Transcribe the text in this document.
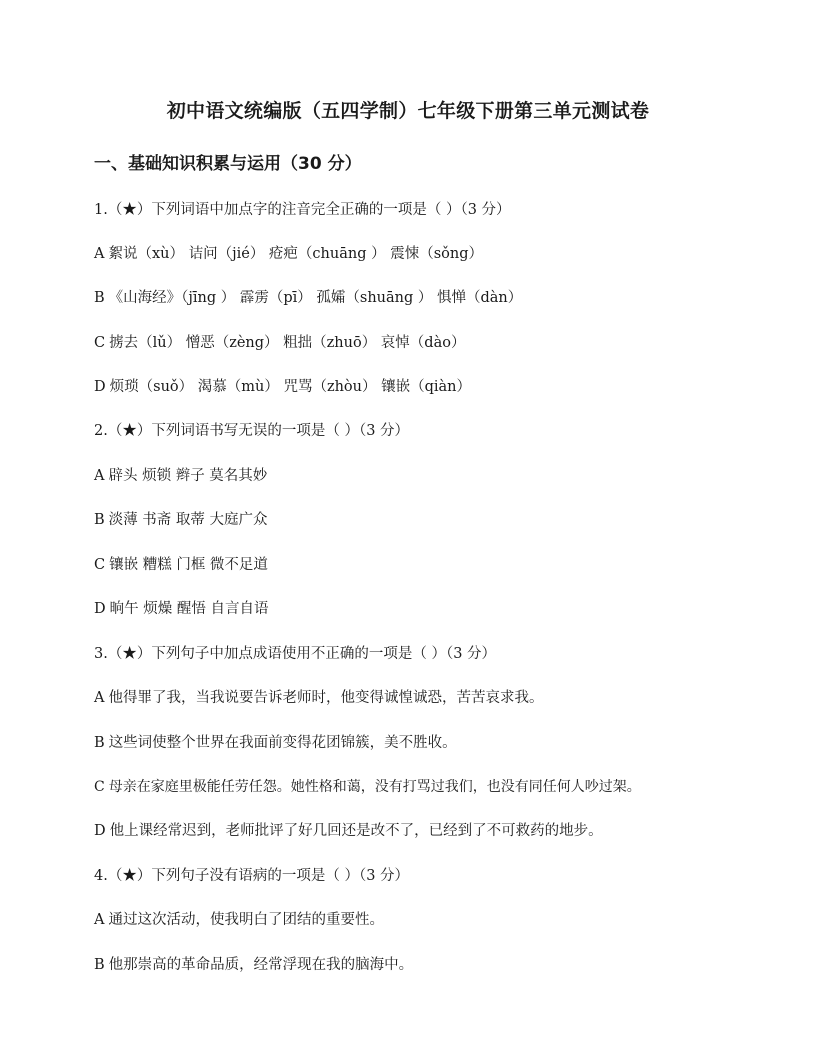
初中语文统编版（五四学制）七年级下册第三单元测试卷
一、基础知识积累与运用（30 分）
1.（★）下列词语中加点字的注音完全正确的一项是（ ）（3 分）
A 絮说（xù） 诘问（jié） 疮疤（chuāng ） 震悚（sǒng）
B 《山海经》（jīng ） 霹雳（pī） 孤孀（shuāng ） 惧惮（dàn）
C 掳去（lǔ） 憎恶（zèng） 粗拙（zhuō） 哀悼（dào）
D 烦琐（suǒ） 渴慕（mù） 咒骂（zhòu） 镶嵌（qiàn）
2.（★）下列词语书写无误的一项是（ ）（3 分）
A 辟头 烦锁 辫子 莫名其妙
B 淡薄 书斋 取蒂 大庭广众
C 镶嵌 糟糕 门框 微不足道
D 晌午 烦燥 醒悟 自言自语
3.（★）下列句子中加点成语使用不正确的一项是（ ）（3 分）
A 他得罪了我，当我说要告诉老师时，他变得诚惶诚恐，苦苦哀求我。
B 这些词使整个世界在我面前变得花团锦簇，美不胜收。
C 母亲在家庭里极能任劳任怨。她性格和蔼，没有打骂过我们，也没有同任何人吵过架。
D 他上课经常迟到，老师批评了好几回还是改不了，已经到了不可救药的地步。
4.（★）下列句子没有语病的一项是（ ）（3 分）
A 通过这次活动，使我明白了团结的重要性。
B 他那崇高的革命品质，经常浮现在我的脑海中。
